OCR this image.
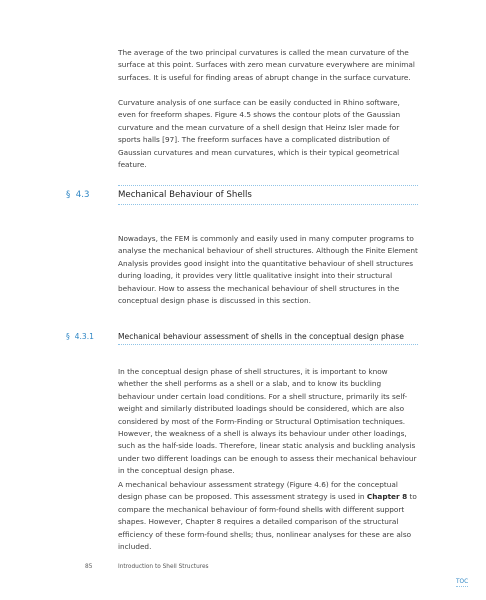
The average of the two principal curvatures is called the mean curvature of the surface at this point. Surfaces with zero mean curvature everywhere are minimal surfaces. It is useful for finding areas of abrupt change in the surface curvature.

Curvature analysis of one surface can be easily conducted in Rhino software, even for freeform shapes. Figure 4.5 shows the contour plots of the Gaussian curvature and the mean curvature of a shell design that Heinz Isler made for sports halls [97]. The freeform surfaces have a complicated distribution of Gaussian curvatures and mean curvatures, which is their typical geometrical feature.

§ 4.3	Mechanical Behaviour of Shells

Nowadays, the FEM is commonly and easily used in many computer programs to analyse the mechanical behaviour of shell structures. Although the Finite Element Analysis provides good insight into the quantitative behaviour of shell structures during loading, it provides very little qualitative insight into their structural behaviour. How to assess the mechanical behaviour of shell structures in the conceptual design phase is discussed in this section.

§ 4.3.1	Mechanical behaviour assessment of shells in the conceptual design phase

In the conceptual design phase of shell structures, it is important to know whether the shell performs as a shell or a slab, and to know its buckling behaviour under certain load conditions. For a shell structure, primarily its self-weight and similarly distributed loadings should be considered, which are also considered by most of the Form-Finding or Structural Optimisation techniques. However, the weakness of a shell is always its behaviour under other loadings, such as the half-side loads. Therefore, linear static analysis and buckling analysis under two different loadings can be enough to assess their mechanical behaviour in the conceptual design phase.

A mechanical behaviour assessment strategy (Figure 4.6) for the conceptual design phase can be proposed. This assessment strategy is used in Chapter 8 to compare the mechanical behaviour of form-found shells with different support shapes. However, Chapter 8 requires a detailed comparison of the structural efficiency of these form-found shells; thus, nonlinear analyses for these are also included.

85	Introduction to Shell Structures
TOC
